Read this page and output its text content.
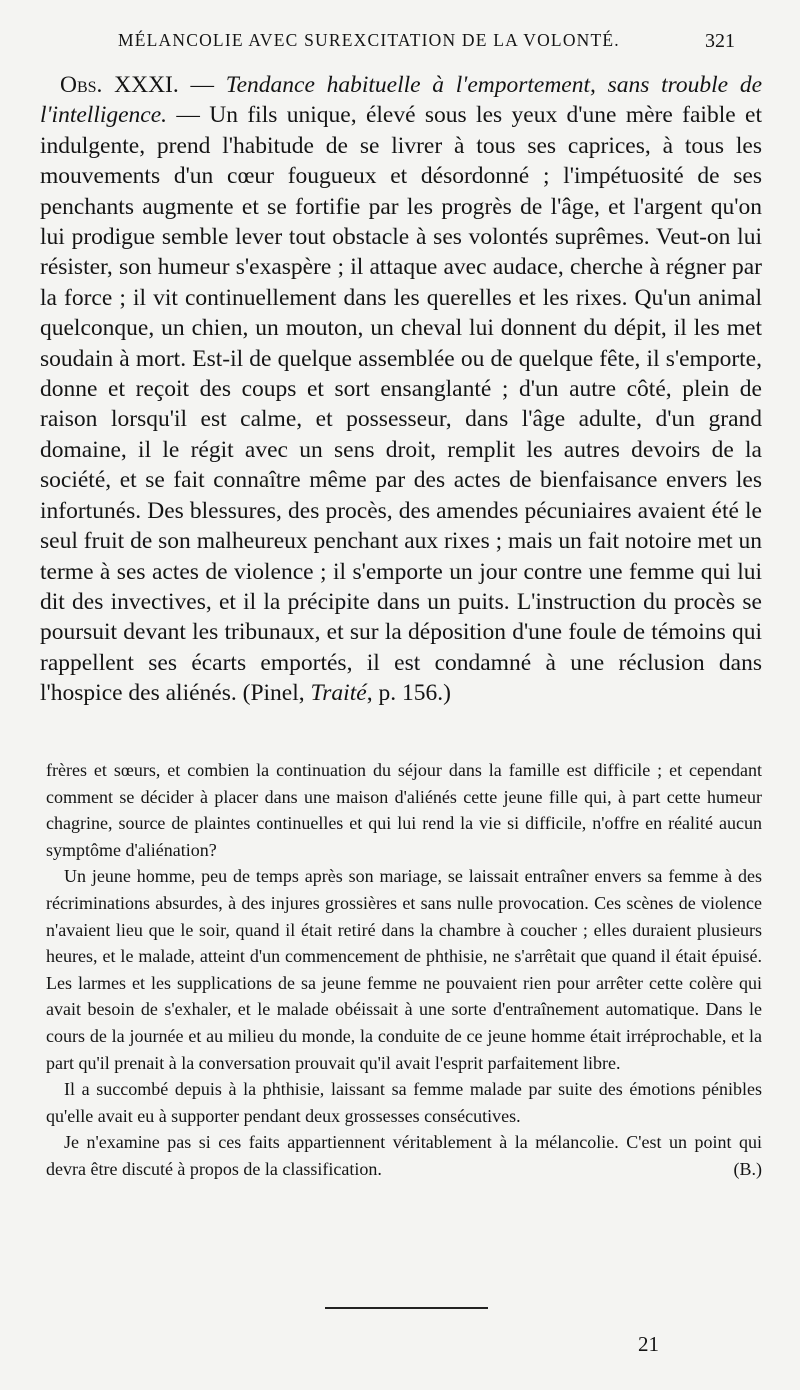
MÉLANCOLIE AVEC SUREXCITATION DE LA VOLONTÉ.	321

Obs. XXXI. — Tendance habituelle à l'emportement, sans trouble de l'intelligence. — Un fils unique, élevé sous les yeux d'une mère faible et indulgente, prend l'habitude de se livrer à tous ses caprices, à tous les mouvements d'un cœur fougueux et désordonné ; l'impétuosité de ses penchants augmente et se fortifie par les progrès de l'âge, et l'argent qu'on lui prodigue semble lever tout obstacle à ses volontés suprêmes. Veut-on lui résister, son humeur s'exaspère ; il attaque avec audace, cherche à régner par la force ; il vit continuellement dans les querelles et les rixes. Qu'un animal quelconque, un chien, un mouton, un cheval lui donnent du dépit, il les met soudain à mort. Est-il de quelque assemblée ou de quelque fête, il s'emporte, donne et reçoit des coups et sort ensanglanté ; d'un autre côté, plein de raison lorsqu'il est calme, et possesseur, dans l'âge adulte, d'un grand domaine, il le régit avec un sens droit, remplit les autres devoirs de la société, et se fait connaître même par des actes de bienfaisance envers les infortunés. Des blessures, des procès, des amendes pécuniaires avaient été le seul fruit de son malheureux penchant aux rixes ; mais un fait notoire met un terme à ses actes de violence ; il s'emporte un jour contre une femme qui lui dit des invectives, et il la précipite dans un puits. L'instruction du procès se poursuit devant les tribunaux, et sur la déposition d'une foule de témoins qui rappellent ses écarts emportés, il est condamné à une réclusion dans l'hospice des aliénés. (Pinel, Traité, p. 156.)

frères et sœurs, et combien la continuation du séjour dans la famille est difficile ; et cependant comment se décider à placer dans une maison d'aliénés cette jeune fille qui, à part cette humeur chagrine, source de plaintes continuelles et qui lui rend la vie si difficile, n'offre en réalité aucun symptôme d'aliénation?

Un jeune homme, peu de temps après son mariage, se laissait entraîner envers sa femme à des récriminations absurdes, à des injures grossières et sans nulle provocation. Ces scènes de violence n'avaient lieu que le soir, quand il était retiré dans la chambre à coucher ; elles duraient plusieurs heures, et le malade, atteint d'un commencement de phthisie, ne s'arrêtait que quand il était épuisé. Les larmes et les supplications de sa jeune femme ne pouvaient rien pour arrêter cette colère qui avait besoin de s'exhaler, et le malade obéissait à une sorte d'entraînement automatique. Dans le cours de la journée et au milieu du monde, la conduite de ce jeune homme était irréprochable, et la part qu'il prenait à la conversation prouvait qu'il avait l'esprit parfaitement libre.

Il a succombé depuis à la phthisie, laissant sa femme malade par suite des émotions pénibles qu'elle avait eu à supporter pendant deux grossesses consécutives.

Je n'examine pas si ces faits appartiennent véritablement à la mélancolie. C'est un point qui devra être discuté à propos de la classification.	(B.)

21
